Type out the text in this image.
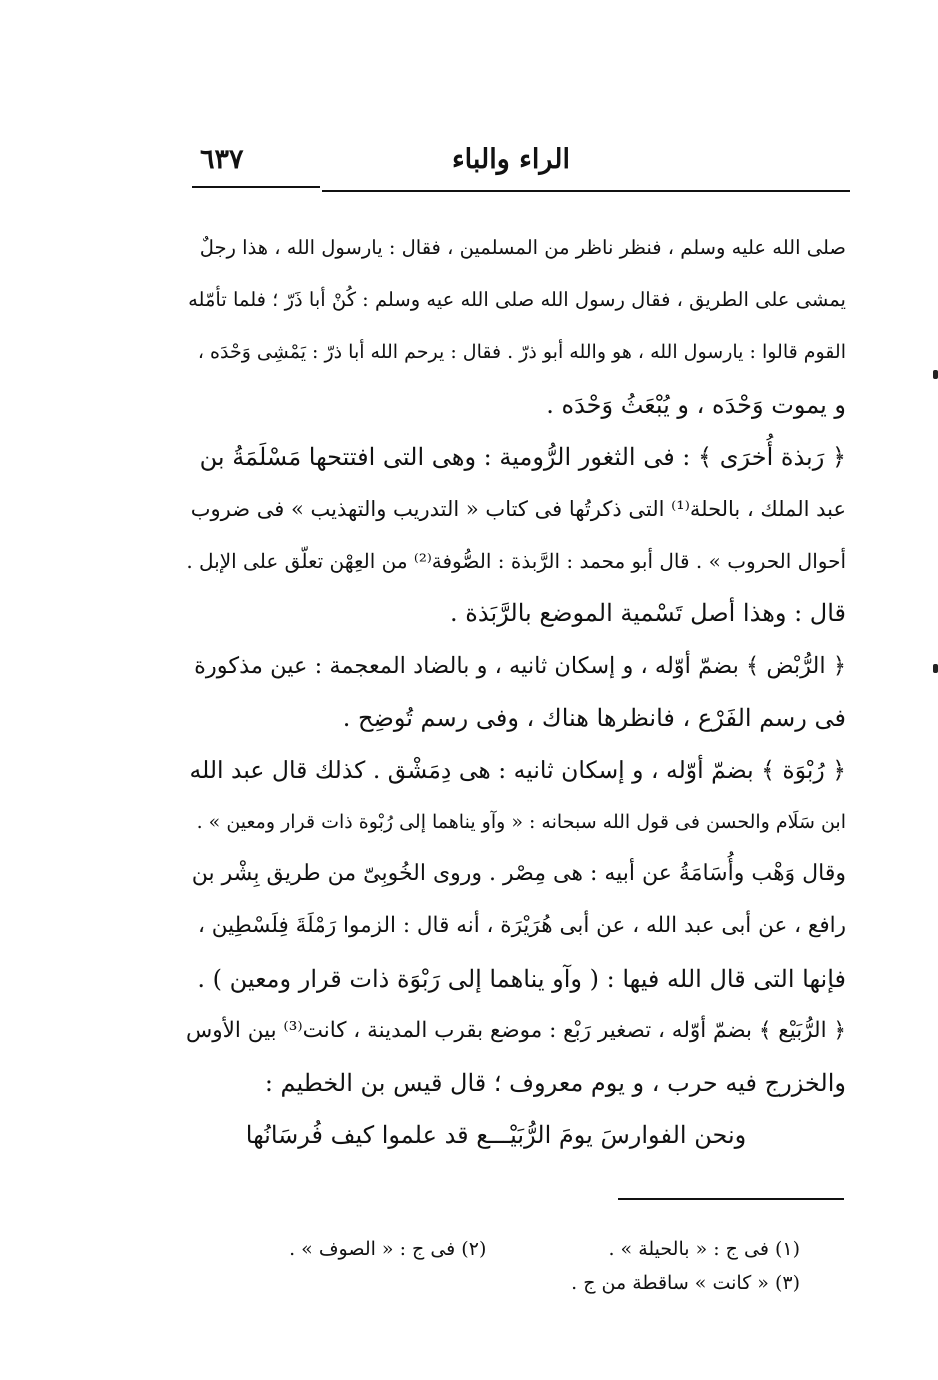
الراء والباء
٦٣٧
صلى الله عليه وسلم ، فنظر ناظر من المسلمين ، فقال : يارسول الله ، هذا رجلٌ
يمشى على الطريق ، فقال رسول الله صلى الله عيه وسلم : كُنْ أبا ذَرّ ؛ فلما تأمّله
القوم قالوا : يارسول الله ، هو والله أبو ذرّ . فقال : يرحم الله أبا ذرّ : يَمْشِى وَحْدَه ،
و يموت وَحْدَه ، و يُبْعَثُ وَحْدَه .
﴿ رَبذة أُخرَى ﴾ : فى الثغور الرُّومية : وهى التى افتتحها مَسْلَمَةُ بن
عبد الملك ، بالحلة⁽¹⁾ التى ذكرتُها فى كتاب « التدريب والتهذيب » فى ضروب
أحوال الحروب » . قال أبو محمد : الرَّبذة : الصُّوفة⁽²⁾ من العِهْن تعلّق على الإبل .
قال : وهذا أصل تَسْمية الموضع بالرَّبَذة .
﴿ الرُّبْض ﴾ بضمّ أوّله ، و إسكان ثانيه ، و بالضاد المعجمة : عين مذكورة
فى رسم الفَرْع ، فانظرها هناك ، وفى رسم تُوضِح .
﴿ رُبْوَة ﴾ بضمّ أوّله ، و إسكان ثانيه : هى دِمَشْق . كذلك قال عبد الله
ابن سَلَام والحسن فى قول الله سبحانه : « وآو يناهما إلى رُبْوة ذات قرار ومعين » .
وقال وَهْب وأُسَامَةُ عن أبيه : هى مِصْر . وروى الخُوبِىّ من طريق بِشْر بن
رافع ، عن أبى عبد الله ، عن أبى هُرَيْرَة ، أنه قال : الزموا رَمْلَةَ فِلَسْطِين ،
فإنها التى قال الله فيها : ( وآو يناهما إلى رَبْوَة ذات قرار ومعين ) .
﴿ الرُّبَيْع ﴾ بضمّ أوّله ، تصغير رَبْع : موضع بقرب المدينة ، كانت⁽³⁾ بين الأوس
والخزرج فيه حرب ، و يوم معروف ؛ قال قيس بن الخطيم :
ونحن الفوارسَ يومَ الرُّبَيْـــع قد علموا كيف فُرسَانُها
(١) فى ج : « بالحيلة » .  (٢) فى ج : « الصوف » .
(٣) « كانت » ساقطة من ج .
